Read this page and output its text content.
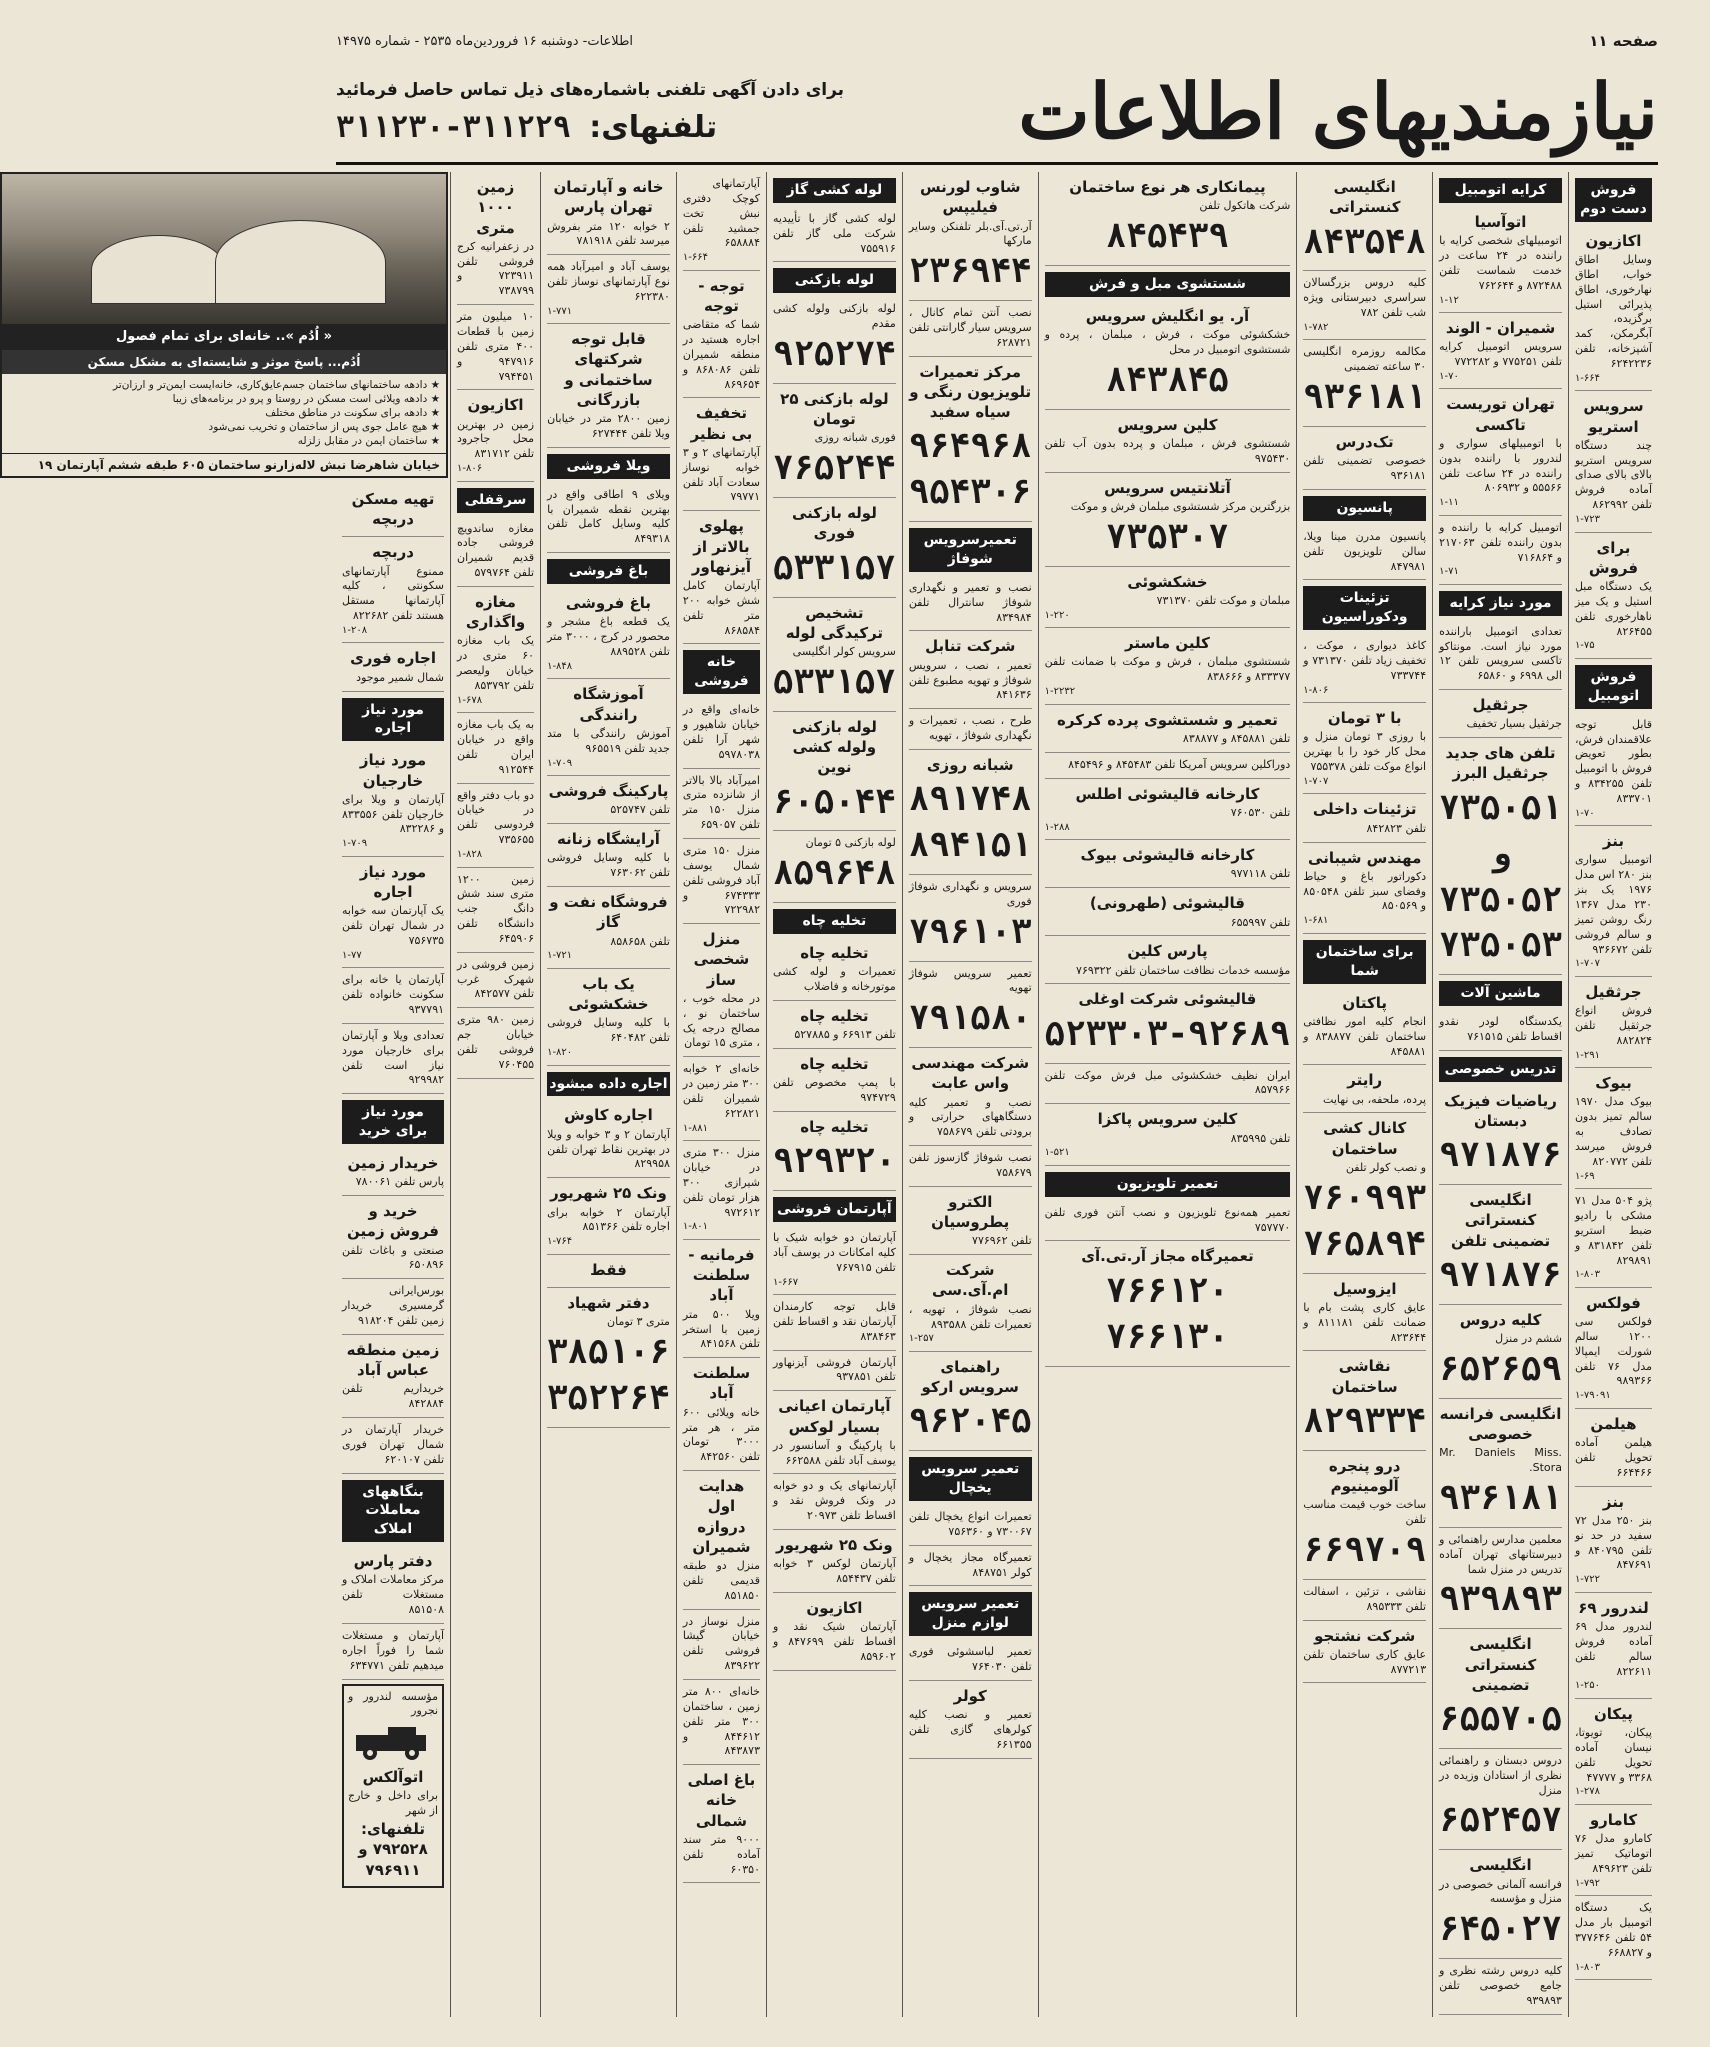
صفحه ۱۱
اطلاعات- دوشنبه ۱۶ فروردین‌ماه ۲۵۳۵ - شماره ۱۴۹۷۵
نیازمندیهای اطلاعات
برای دادن آگهی تلفنی باشماره‌های ذیل تماس حاصل فرمائید
تلفنهای: ۳۱۱۲۲۹-۳۱۱۲۳۰
فروش دست دوم
اکازیون
وسایل اطاق خواب، اطاق نهارخوری، اطاق پذیرائی استیل برگزیده، آبگرمکن، کمد آشپزخانه، تلفن ۶۲۴۲۲۳۶
۱-۶۶۴
سرویس استریو
چند دستگاه سرویس استریو بالای بالای صدای آماده فروش تلفن ۸۶۲۹۹۲
۱-۷۲۳
برای فروش
یک دستگاه مبل استیل و یک میز ناهارخوری تلفن ۸۲۶۴۵۵
۱-۷۵
فروش اتومبیل
قابل توجه علاقمندان فرش، بطور تعویض فروش با اتومبیل تلفن ۸۳۴۲۵۵ و ۸۳۳۷۰۱
۱-۷۰
بنز
اتومبیل سواری بنز ۲۸۰ اس مدل ۱۹۷۶ یک بنز ۲۳۰ مدل ۱۳۶۷ رنگ روشن تمیز و سالم فروشی تلفن ۹۳۶۶۷۲
۱-۷۰۷
جرثقیل
فروش انواع جرثقیل تلفن ۸۸۲۸۲۴
۱-۲۹۱
بیوک
بیوک مدل ۱۹۷۰ سالم تمیز بدون تصادف به فروش میرسد تلفن ۸۲۰۷۷۲
۱-۶۹
پژو ۵۰۴ مدل ۷۱ مشکی با رادیو ضبط استریو تلفن ۸۳۱۸۴۲ و ۸۲۹۸۹۱
۱-۸۰۳
فولکس
فولکس سی ۱۲۰۰ سالم شورلت ایمپالا مدل ۷۶ تلفن ۹۸۹۳۶۶
۱-۷۹۰۹۱
هیلمن
هیلمن آماده تحویل تلفن ۶۶۴۴۶۶
بنز
بنز ۲۵۰ مدل ۷۲ سفید در حد نو تلفن ۸۴۰۷۹۵ و ۸۴۷۶۹۱
۱-۷۲۲
لندرور ۶۹
لندرور مدل ۶۹ آماده فروش سالم تلفن ۸۲۲۶۱۱
۱-۲۵۰
پیکان
پیکان، تویوتا، نیسان آماده تحویل تلفن ۳۳۶۸ و ۴۷۷۷۷
۱-۲۷۸
کامارو
کامارو مدل ۷۶ اتوماتیک تمیز تلفن ۸۴۹۶۲۳
۱-۷۹۲
یک دستگاه اتومبیل بار مدل ۵۴ تلفن ۳۷۷۶۴۶ و ۶۶۸۸۲۷
۱-۸۰۳
کرایه اتومبیل
اتوآسیا
اتومبیلهای شخصی کرایه با راننده در ۲۴ ساعت در خدمت شماست تلفن ۸۷۲۴۸۸ و ۷۶۲۶۴۴
۱-۱۲
شمیران - الوند
سرویس اتومبیل کرایه تلفن ۷۷۵۲۵۱ و ۷۷۲۲۸۲
۱-۷۰
تهران توریست تاکسی
با اتومبیلهای سواری و لندرور با راننده بدون راننده در ۲۴ ساعت تلفن ۵۵۵۶۶ و ۸۰۶۹۳۲
۱-۱۱
اتومبیل کرایه با راننده و بدون راننده تلفن ۲۱۷۰۶۳ و ۷۱۶۸۶۴
۱-۷۱
مورد نیاز کرایه
تعدادی اتومبیل باراننده مورد نیاز است. مونتاکو تاکسی سرویس تلفن ۱۲ الی ۶۹۹۸ و ۶۵۸۶۰
جرثقیل
جرثقیل بسیار تخفیف
تلفن های جدید جرثقیل البرز
۷۳۵۰۵۱ و ۷۳۵۰۵۲ ۷۳۵۰۵۳
ماشین آلات
یکدستگاه لودر نقدو اقساط تلفن ۷۶۱۵۱۵
تدریس خصوصی
ریاضیات فیزیک دبستان
۹۷۱۸۷۶
انگلیسی کنستراتی تضمینی تلفن
۹۷۱۸۷۶
کلیه دروس
ششم در منزل
۶۵۲۶۵۹
انگلیسی فرانسه خصوصی
Mr. Daniels Miss. Stora.
۹۳۶۱۸۱
معلمین مدارس راهنمائی و دبیرستانهای تهران آماده تدریس در منزل شما
۹۳۹۸۹۳
انگلیسی کنستراتی تضمینی
۶۵۵۷۰۵
دروس دبستان و راهنمائی نظری از استادان وزیده در منزل
۶۵۲۴۵۷
انگلیسی
فرانسه آلمانی خصوصی در منزل و مؤسسه
۶۴۵۰۲۷
کلیه دروس رشته نظری و جامع خصوصی تلفن ۹۳۹۸۹۳
انگلیسی کنستراتی
۸۴۳۵۴۸
کلیه دروس بزرگسالان سراسری دبیرستانی ویژه شب تلفن ۷۸۲
۱-۷۸۲
مکالمه روزمره انگلیسی ۳۰ ساعته تضمینی
۹۳۶۱۸۱
تک‌درس
خصوصی تضمینی تلفن ۹۳۶۱۸۱
پانسیون
پانسیون مدرن مینا ویلا، سالن تلویزیون تلفن ۸۴۷۹۸۱
تزئینات ودکوراسیون
کاغذ دیواری ، موکت ، تخفیف زیاد تلفن ۷۳۱۳۷۰ و ۷۳۳۷۴۴
۱-۸۰۶
با ۳ تومان
با روزی ۳ تومان منزل و محل کار خود را با بهترین انواع موکت تلفن ۷۵۵۳۷۸
۱-۷۰۷
تزئینات داخلی
تلفن ۸۴۲۸۲۳
مهندس شیبانی
دکوراتور باغ و حیاط وفضای سبز تلفن ۸۵۰۵۴۸ و ۸۵۰۵۶۹
۱-۶۸۱
برای ساختمان شما
پاکتان
انجام کلیه امور نظافتی ساختمان تلفن ۸۳۸۸۷۷ و ۸۴۵۸۸۱
رایتر
پرده، ملحفه، بی نهایت
کانال کشی ساختمان
و نصب کولر تلفن
۷۶۰۹۹۳ ۷۶۵۸۹۴
ایزوسیل
عایق کاری پشت بام با ضمانت تلفن ۸۱۱۱۸۱ و ۸۲۳۶۴۴
نقاشی ساختمان
۸۲۹۳۳۴
درو پنجره آلومینیوم
ساخت خوب قیمت مناسب تلفن
۶۶۹۷۰۹
نقاشی ، تزئین ، اسفالت تلفن ۸۹۵۳۳۳
شرکت نشتجو
عایق کاری ساختمان تلفن ۸۷۷۲۱۳
پیمانکاری هر نوع ساختمان
شرکت هاتکول تلفن
۸۴۵۴۳۹
شستشوی مبل و فرش
آر. یو انگلیش سرویس
خشکشوئی موکت ، فرش ، مبلمان ، پرده و شستشوی اتومبیل در محل
۸۴۳۸۴۵
کلین سرویس
شستشوی فرش ، مبلمان و پرده بدون آب تلفن ۹۷۵۴۳۰
آتلانتیس سرویس
بزرگترین مرکز شستشوی مبلمان فرش و موکت
۷۳۵۳۰۷
خشکشوئی
مبلمان و موکت تلفن ۷۳۱۳۷۰
۱-۲۲۰
کلین ماستر
شستشوی مبلمان ، فرش و موکت با ضمانت تلفن ۸۳۳۳۷۷ و ۸۳۸۶۶۶
۱-۲۲۳۲
تعمیر و شستشوی پرده کرکره
تلفن ۸۴۵۸۸۱ و ۸۳۸۸۷۷
دوراکلین سرویس آمریکا تلفن ۸۴۵۴۸۳ و ۸۴۵۴۹۶
کارخانه قالیشوئی اطلس
تلفن ۷۶۰۵۳۰
۱-۲۸۸
کارخانه قالیشوئی بیوک
تلفن ۹۷۷۱۱۸
قالیشوئی (طهرونی)
تلفن ۶۵۵۹۹۷
پارس کلین
مؤسسه خدمات نظافت ساختمان تلفن ۷۶۹۳۲۲
قالیشوئی شرکت اوغلی
۵۲۳۳۰۳-۹۲۶۸۹
ایران نظیف خشکشوئی مبل فرش موکت تلفن ۸۵۷۹۶۶
کلین سرویس پاکزا
تلفن ۸۳۵۹۹۵
۱-۵۲۱
تعمیر تلویزیون
تعمیر همه‌نوع تلویزیون و نصب آنتن فوری تلفن ۷۵۷۷۷۰
تعمیرگاه مجاز آر.تی.آی
۷۶۶۱۲۰ ۷۶۶۱۳۰
شاوب لورنس فیلیپس
آر.تی.آی.بلر تلفنکن وسایر مارکها
۲۳۶۹۴۴
نصب آنتن تمام کانال ، سرویس سیار گارانتی تلفن ۶۲۸۷۲۱
مرکز تعمیرات تلویزیون رنگی و سیاه سفید
۹۶۴۹۶۸ ۹۵۴۳۰۶
تعمیرسرویس شوفاژ
نصب و تعمیر و نگهداری شوفاژ سانترال تلفن ۸۳۴۹۸۴
شرکت تنابل
تعمیر ، نصب ، سرویس شوفاژ و تهویه مطبوع تلفن ۸۴۱۶۳۶
طرح ، نصب ، تعمیرات و نگهداری شوفاژ ، تهویه
شبانه روزی
۸۹۱۷۴۸ ۸۹۴۱۵۱
سرویس و نگهداری شوفاژ فوری
۷۹۶۱۰۳
تعمیر سرویس شوفاژ تهویه
۷۹۱۵۸۰
شرکت مهندسی واس عابت
نصب و تعمیر کلیه دستگاههای حرارتی و برودتی تلفن ۷۵۸۶۷۹
نصب شوفاژ گازسوز تلفن ۷۵۸۶۷۹
الکترو پطروسیان
تلفن ۷۷۶۹۶۲
شرکت ام.آی.سی
نصب شوفاژ ، تهویه ، تعمیرات تلفن ۸۹۳۵۸۸
۱-۲۵۷
راهنمای سرویس ارکو
۹۶۲۰۴۵
تعمیر سرویس یخچال
تعمیرات انواع یخچال تلفن ۷۳۰۰۶۷ و ۷۵۶۳۶۰
تعمیرگاه مجاز یخچال و کولر ۸۴۸۷۵۱
تعمیر سرویس لوازم منزل
تعمیر لباسشوئی فوری تلفن ۷۶۴۰۳۰
کولر
تعمیر و نصب کلیه کولرهای گازی تلفن ۶۶۱۳۵۵
لوله کشی گاز
لوله کشی گاز با تأییدیه شرکت ملی گاز تلفن ۷۵۵۹۱۶
لوله بازکنی
لوله بازکنی ولوله کشی مقدم
۹۲۵۲۷۴
لوله بازکنی ۲۵ تومان
فوری شبانه روزی
۷۶۵۲۴۴
لوله بازکنی فوری
۵۳۳۱۵۷
تشخیص ترکیدگی لوله
سرویس کولر انگلیسی
۵۳۳۱۵۷
لوله بازکنی ولوله کشی نوین
۶۰۵۰۴۴
لوله بازکنی ۵ تومان
۸۵۹۶۴۸
تخلیه چاه
تخلیه چاه
تعمیرات و لوله کشی موتورخانه و فاضلاب
تخلیه چاه
تلفن ۶۶۹۱۳ و ۵۲۷۸۸۵
تخلیه چاه
با پمپ مخصوص تلفن ۹۷۴۷۲۹
تخلیه چاه
۹۲۹۳۲۰
آپارتمان فروشی
آپارتمان دو خوابه شیک با کلیه امکانات در یوسف آباد تلفن ۷۶۷۹۱۵
۱-۶۶۷
قابل توجه کارمندان آپارتمان نقد و اقساط تلفن ۸۳۸۴۶۳
آپارتمان فروشی آیزنهاور تلفن ۹۳۷۸۵۱
آپارتمان اعیانی بسیار لوکس
با پارکینگ و آسانسور در یوسف آباد تلفن ۶۶۲۵۸۸
آپارتمانهای یک و دو خوابه در ونک فروش نقد و اقساط تلفن ۲۰۹۷۳
ونک ۲۵ شهریور
آپارتمان لوکس ۳ خوابه تلفن ۸۵۴۴۳۷
اکازیون
آپارتمان شیک نقد و اقساط تلفن ۸۴۷۶۹۹ و ۸۵۹۶۰۲
آپارتمانهای کوچک دفتری نبش تخت جمشید تلفن ۶۵۸۸۸۴
۱-۶۶۴
توجه - توجه
شما که متقاضی اجاره هستید در منطقه شمیران تلفن ۸۶۸۰۸۶ و ۸۶۹۶۵۴
تخفیف بی نظیر
آپارتمانهای ۲ و ۳ خوابه نوساز سعادت آباد تلفن ۷۹۷۷۱
پهلوی بالاتر از آیزنهاور
آپارتمان کامل شش خوابه ۲۰۰ متر تلفن ۸۶۸۵۸۴
خانه فروشی
خانه‌ای واقع در خیابان شاهپور و شهر آرا تلفن ۵۹۷۸۰۳۸
امیرآباد بالا بالاتر از شانزده متری منزل ۱۵۰ متر تلفن ۶۵۹۰۵۷
منزل ۱۵۰ متری شمال یوسف آباد فروشی تلفن ۶۷۴۳۳۳ و ۷۲۲۹۸۲
منزل شخصی ساز
در محله خوب ، ساختمان نو ، مصالح درجه یک ، متری ۱۵ تومان
خانه‌ای ۲ خوابه ۳۰۰ متر زمین در شمیران تلفن ۶۲۲۸۲۱
۱-۸۸۱
منزل ۳۰۰ متری در خیابان شیرازی ۳۰۰ هزار تومان تلفن ۹۷۲۶۱۲
۱-۸۰۱
فرمانیه - سلطنت آباد
ویلا ۵۰۰ متر زمین با استخر تلفن ۸۴۱۵۶۸
سلطنت آباد
خانه ویلائی ۶۰۰ متر ، هر متر ۳۰۰۰ تومان تلفن ۸۴۲۵۶۰
هدایت اول دروازه شمیران
منزل دو طبقه قدیمی تلفن ۸۵۱۸۵۰
منزل نوساز در خیابان گیشا فروشی تلفن ۸۳۹۶۲۲
خانه‌ای ۸۰۰ متر زمین ، ساختمان ۳۰۰ متر تلفن ۸۴۴۶۱۲ و ۸۴۳۸۷۳
باغ اصلی خانه شمالی
۹۰۰۰ متر سند آماده تلفن ۶۰۳۵۰
خانه و آپارتمان تهران پارس
۲ خوابه ۱۲۰ متر بفروش میرسد تلفن ۷۸۱۹۱۸
یوسف آباد و امیرآباد همه نوع آپارتمانهای نوساز تلفن ۶۲۲۳۸۰
۱-۷۷۱
قابل توجه شرکتهای ساختمانی و بازرگانی
زمین ۲۸۰۰ متر در خیابان ویلا تلفن ۶۲۷۴۴۴
ویلا فروشی
ویلای ۹ اطاقی واقع در بهترین نقطه شمیران با کلیه وسایل کامل تلفن ۸۴۹۳۱۸
باغ فروشی
باغ فروشی
یک قطعه باغ مشجر و محصور در کرج ، ۳۰۰۰ متر تلفن ۸۸۹۵۲۸
۱-۸۴۸
آموزشگاه رانندگی
آموزش رانندگی با متد جدید تلفن ۹۶۵۵۱۹
۱-۷۰۹
پارکینگ فروشی
تلفن ۵۲۵۷۴۷
آرایشگاه زنانه
با کلیه وسایل فروشی تلفن ۷۶۳۰۶۲
فروشگاه نفت و گاز
تلفن ۸۵۸۶۵۸
۱-۷۲۱
یک باب خشکشوئی
با کلیه وسایل فروشی تلفن ۶۴۰۴۸۲
۱-۸۲۰
اجاره داده میشود
اجاره کاوش
آپارتمان ۲ و ۳ خوابه و ویلا در بهترین نقاط تهران تلفن ۸۲۹۹۵۸
ونک ۲۵ شهریور
آپارتمان ۲ خوابه برای اجاره تلفن ۸۵۱۳۶۶
۱-۷۶۴
فقط
دفتر شهیاد
متری ۳ تومان
۳۸۵۱۰۶ ۳۵۲۲۶۴
زمین ۱۰۰۰ متری
در زعفرانیه کرج فروشی تلفن ۷۲۳۹۱۱ و ۷۳۸۷۹۹
۱۰ میلیون متر زمین با قطعات ۴۰۰ متری تلفن ۹۴۷۹۱۶ و ۷۹۴۴۵۱
اکازیون
زمین در بهترین محل جاجرود تلفن ۸۳۱۷۱۲
۱-۸۰۶
سرقفلی
مغازه ساندویچ فروشی جاده قدیم شمیران تلفن ۵۷۹۷۶۴
مغازه واگذاری
یک باب مغازه ۶۰ متری در خیابان ولیعصر تلفن ۸۵۳۷۹۲
۱-۶۷۸
به یک باب مغازه واقع در خیابان ایران تلفن ۹۱۲۵۴۴
دو باب دفتر واقع در خیابان فردوسی تلفن ۷۳۵۶۵۵
۱-۸۲۸
زمین ۱۲۰۰ متری سند شش دانگ جنب دانشگاه تلفن ۶۴۵۹۰۶
زمین فروشی در شهرک غرب تلفن ۸۴۲۵۷۷
زمین ۹۸۰ متری خیابان جم فروشی تلفن ۷۶۰۴۵۵
« اُدُم ».. خانه‌ای برای تمام فصول
اُدُم... پاسخ موثر و شایسته‌ای به مشکل مسکن
★ دادهه ساختمانهای ساختمان جسم‌عایق‌کاری، خانه‌ایست ایمن‌تر و ارزان‌تر
★ دادهه ویلائی است مسکن در روستا و پرو در برنامه‌های زیبا
★ دادهه برای سکونت در مناطق مختلف
★ هیچ عامل جوی پس از ساختمان و تخریب نمی‌شود
★ ساختمان ایمن در مقابل زلزله
خیابان شاهرضا نبش لاله‌زارنو ساختمان ۶۰۵ طبقه ششم آپارتمان ۱۹
تهیه مسکن دربچه
دربچه
ممنوع آپارتمانهای سکونتی ، کلیه آپارتمانها مستقل هستند تلفن ۸۲۲۶۸۲
۱-۲۰۸
اجاره فوری
شمال شمیر موجود
مورد نیاز اجاره
مورد نیاز خارجیان
آپارتمان و ویلا برای خارجیان تلفن ۸۳۳۵۵۶ و ۸۳۲۲۸۶
۱-۷۰۹
مورد نیاز اجاره
یک آپارتمان سه خوابه در شمال تهران تلفن ۷۵۶۷۳۵
۱-۷۷
آپارتمان یا خانه برای سکونت خانواده تلفن ۹۳۷۷۹۱
تعدادی ویلا و آپارتمان برای خارجیان مورد نیاز است تلفن ۹۲۹۹۸۲
مورد نیاز برای خرید
خریدار زمین
پارس تلفن ۷۸۰۰۶۱
خرید و فروش زمین
صنعتی و باغات تلفن ۶۵۰۸۹۶
بورس‌ایرانی گرمسیری خریدار زمین تلفن ۹۱۸۲۰۴
زمین منطقه عباس آباد
خریداریم تلفن ۸۴۲۸۸۴
خریدار آپارتمان در شمال تهران فوری تلفن ۶۲۰۱۰۷
بنگاههای معاملات املاک
دفتر پارس
مرکز معاملات املاک و مستغلات تلفن ۸۵۱۵۰۸
آپارتمان و مستغلات شما را فوراً اجاره میدهیم تلفن ۶۳۴۷۷۱
مؤسسه لندرور و نجرور
اتوآلکس
برای داخل و خارج از شهر
تلفنهای: ۷۹۲۵۲۸ و ۷۹۶۹۱۱
